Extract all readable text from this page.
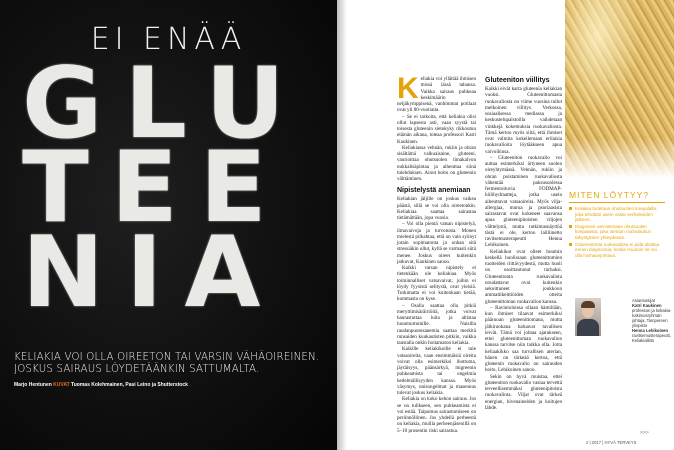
EI ENÄÄ
GLU
TEE
NIA
KELIAKIA VOI OLLA OIREETON TAI VARSIN VÄHÄOIREINEN. JOSKUS SAIRAUS LÖYDETÄÄNKIN SATTUMALTA.
Marjo Hentunen KUVAT Tuomas Kolehmainen, Pasi Leino ja Shutterstock
K eliakia voi yllättää ihmisen missä iässä tahansa. Vaikka sairaus puhkeaa keskimäärin neljäkymppisenä, vanhimmat potilaat ovat yli 80-vuotiaita.

– Se ei tarkoita, että keliakia olisi ollut lapsesta asti, vaan syystä tai toisesta gluteenin sietokyky rikkoutuu elämän aikana, toteaa professori Katri Kaukinen.

Keliakiassa vehnän, rukiin ja ohran sisältämä valkuaisaine, gluteeni, vaurioittaa ohutsuolen limakalvon nukkalisäpintaa ja aiheuttaa siinä tulehduksen. Ainut hoito on gluteenin välttäminen.

Nipistelystä anemiaan

Keliakian jäljille on joskus vaikea päästä, sillä se voi olla oireetonkin. Keliakiaa saattaa sairastaa tietämättään, jopa vuosia.

– Voi olla pientä vatsan nipistelyä, ilmavaivoja ja turvotusta. Monen mielestä pilkahtaa, että on vain syönyt jotain sopimatonta ja onhan sitä stressiäkin ollut, kyllä se varmasti siitä menee. Joskus oireet kuitenkin jatkuvat, Kaukinen sanoo.

Kaikki vatsan nipistely ei tietenkään ole keliakiaa. Myös toiminnalliset vatsavaivat, joihin ei löydy fyysistä selitystä, ovat yleisiä. Tutkimatta ei voi kuitenkaan tietää, kummasta on kyse.

– Osalla saattaa olla pitkiä meryttimisäräiriöitä, jotka voivat haurastuttaa luita ja altistaa luunmurtumille. Naisilla raudanpuutosanemia saattaa merkitä runsaiden kuukautisten pitkiin, vaikka taustalla onkin hoitamaton keliakia.

Kaikille keliakikoille ei tule vatsaoireita, vaan ensimmäisiä oireita voivat olla esimerkiksi ihottuma, jäytäisyys, päänsärkyä, migreenin puhkeamista tai ongelmia hedelmällisyyden kanssa. Myös väsymys, unisongelmat ja masennus tulevat joskus keliakia.

Keliakia on koko kehon sairaus. Jos se on tulikseen, sen puhkeamista ei voi estää. Taipumus sairastumiseen on periinnöllinen. Jos yhdellä perheestä on keliakia, muilla perheenjäsenillä on 5–10 prosentin riski sairastua.

Gluteeniton viillitys

Kaikki eivät karta gluteenia keliakian vuoksi. Gluteenittomasta ruokavaliosta on viime vuosina tullut melkoinen villitys. Verkossa, sosiaalisessa mediassa ja keskustelupalstoilla vaihdetaan vinkkejä kokemuksia ruokavaliosta. Tämä kertoo myös siitä, että ihmiset ovat valmita kokeilemaan erilaisia ruokavalioita löytääkseen apua vaivoihinsa.

– Gluteeniton ruokavalio voi auttaa esimerkiksi ärtyneen suolen oireyhtymässä. Vehnän, rukiin ja ohran poistaminen ruokavaliosta vähentää paksusuolessa fermentoituvia FODMAP-hiilihydraatteja, jotka usein aiheuttavat vatsaoireita. Myös vilja-allergiaa, murua ja psoriaasista sairastavat ovat kokeneet saavansa apua gluteenipitoisten viljojen välttelystä, mutta tutkimusnäyttöä tästä ei ole, kertoo lailliinetto ravitsemusterapeutti Henna Lehikoinen.

Keliakikot ovat olleet buumin keskellä huolissaan gluteenittomien tuotteiden riittävyydestä, mutta huoli on osoittautunut turhaksi. Gluteenitonta ruokavaliota noudattavat ovat kuitenkin sekoittuneet joukkoon ammattikeittiöiden otteita gluteenittoman ruokavalion kanssa.

– Ravintoloissa ollaan hämillään, kun ihmiset tilaavat esimerkiksi pääruoan gluteenittomana, mutta jälkiruokana haluavat tavallisen leivät. Tämä voi johtaa ajatukseen, ettei gluteenittoman ruokavalion kanssa tarvitse niin tarkka olla. Jotta keliaakikko saa turvallisen aterian, hänen on tärkeää kertoa, että gluteenin ruokavalio on sairauden hoito, Lehikoinen sanoo.

Sekin on hyvä muistaa, ettei gluteeniton ruokavalio vastaa tervettä terveellisemmäksi gluteenipitoista ruokavaliota. Viljat ovat tärkeä energian, hivenaineiden ja kuitujen lähde.

MITEN LÖYTYY?
Keliakia todetaan ohutsuolen koepalalla, joka tehdään usein vasta verikokeiden jälkeen.
Diagnoosi varmistetaan ohutsuolen koepalasta, joka otetaan mahalaukun tähystyksen yhteydessä.
Gluteenitonta ruokavaliota ei pidä aloittaa ennen diagnoosia, koska muutoin se voi olla harhaanjohtava.
Asiantuntijat
Katri Kaukinen
professori ja keliakia-tutkimusryhmän johtaja, Tampereen yliopisto
Henna Lehikoinen
ravitsemusterapeutti, Keliakialiitto
>>>
2 | 2017 | HYVÄ TERVEYS
